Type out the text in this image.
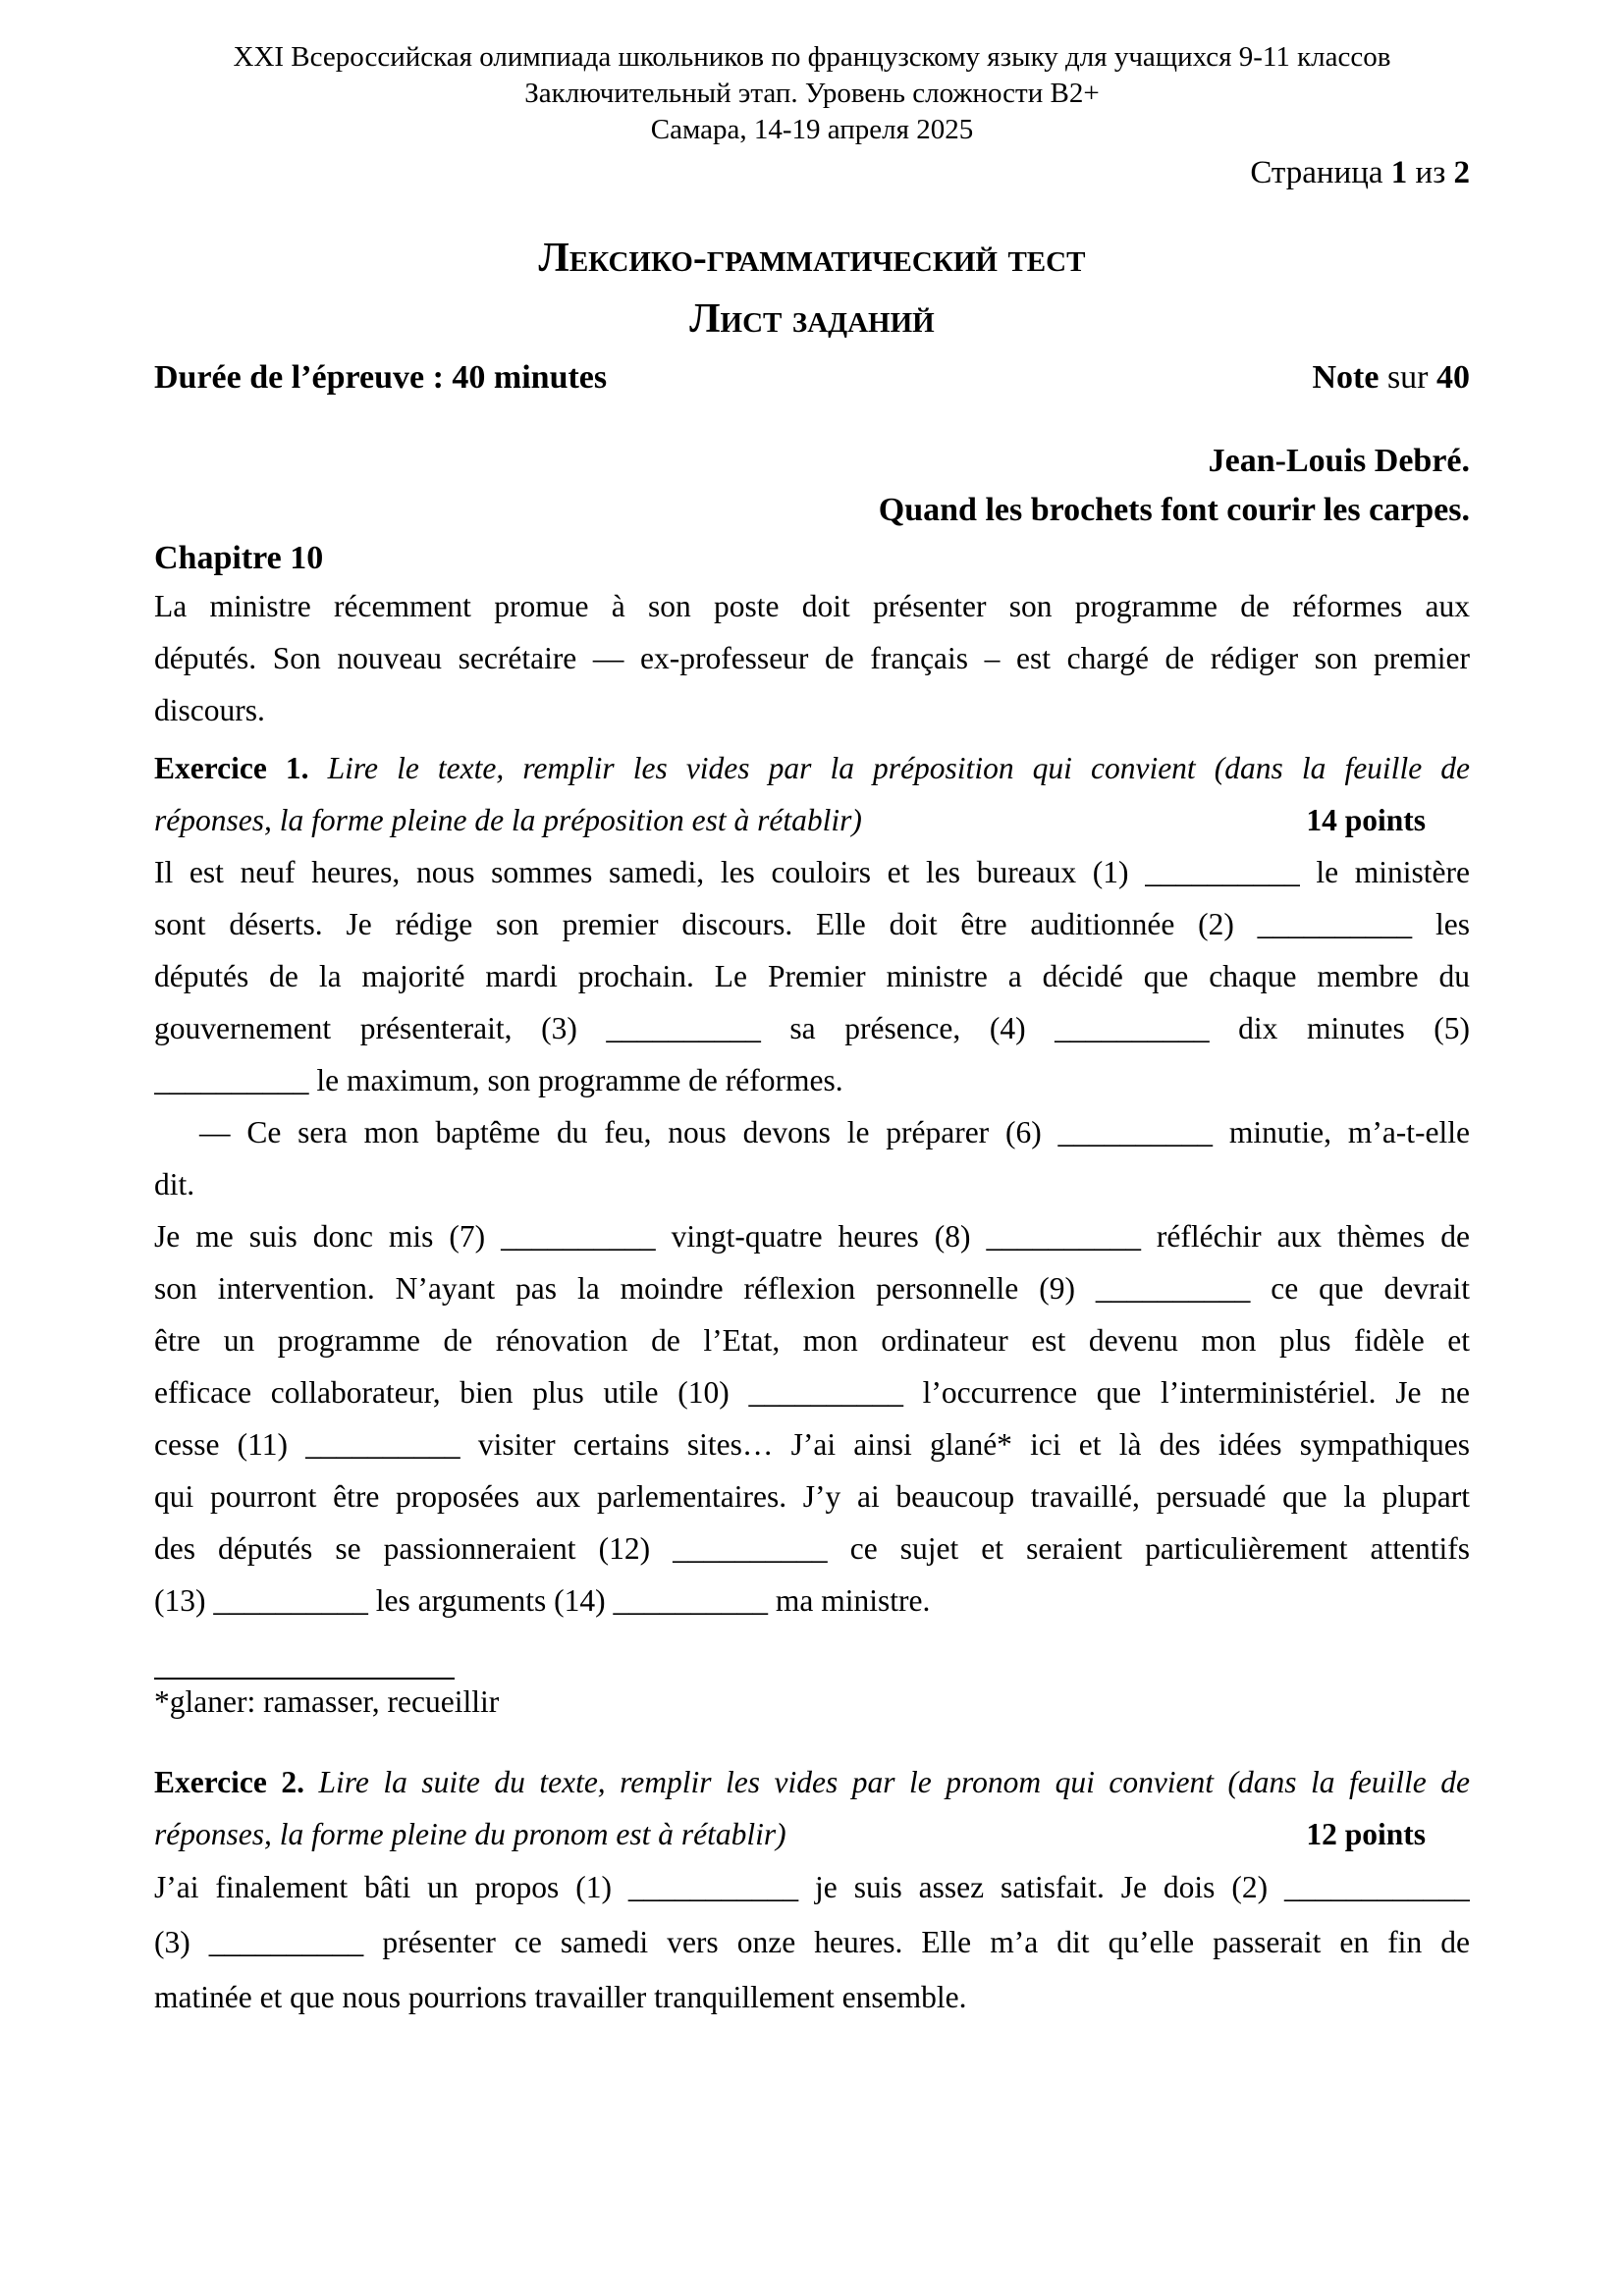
XXI Всероссийская олимпиада школьников по французскому языку для учащихся 9-11 классов
Заключительный этап. Уровень сложности В2+
Самара, 14-19 апреля 2025
Страница 1 из 2
Лексико-грамматический тест
Лист заданий
Durée de l’épreuve : 40 minutes	Note sur 40
Jean-Louis Debré.
Quand les brochets font courir les carpes.
Chapitre 10
La ministre récemment promue à son poste doit présenter son programme de réformes aux
députés. Son nouveau secrétaire — ex-professeur de français – est chargé de rédiger son premier
discours.
Exercice 1. Lire le texte, remplir les vides par la préposition qui convient (dans la feuille de
réponses, la forme pleine de la préposition est à rétablir)	14 points
Il est neuf heures, nous sommes samedi, les couloirs et les bureaux (1) __________ le ministère
sont déserts. Je rédige son premier discours. Elle doit être auditionnée (2) __________ les
députés de la majorité mardi prochain. Le Premier ministre a décidé que chaque membre du
gouvernement présenterait, (3) __________ sa présence, (4) __________ dix minutes (5)
__________ le maximum, son programme de réformes.
— Ce sera mon baptême du feu, nous devons le préparer (6) __________ minutie, m’a-t-elle
dit.
Je me suis donc mis (7) __________ vingt-quatre heures (8) __________ réfléchir aux thèmes de
son intervention. N’ayant pas la moindre réflexion personnelle (9) __________ ce que devrait
être un programme de rénovation de l’Etat, mon ordinateur est devenu mon plus fidèle et
efficace collaborateur, bien plus utile (10) __________ l’occurrence que l’interministériel. Je ne
cesse (11) __________ visiter certains sites… J’ai ainsi glané* ici et là des idées sympathiques
qui pourront être proposées aux parlementaires. J’y ai beaucoup travaillé, persuadé que la plupart
des députés se passionneraient (12) __________ ce sujet et seraient particulièrement attentifs
(13) __________ les arguments (14) __________ ma ministre.
*glaner: ramasser, recueillir
Exercice 2. Lire la suite du texte, remplir les vides par le pronom qui convient (dans la feuille de
réponses, la forme pleine du pronom est à rétablir)	12 points
J’ai finalement bâti un propos (1) ___________ je suis assez satisfait. Je dois (2) ____________
(3) __________ présenter ce samedi vers onze heures. Elle m’a dit qu’elle passerait en fin de
matinée et que nous pourrions travailler tranquillement ensemble.
